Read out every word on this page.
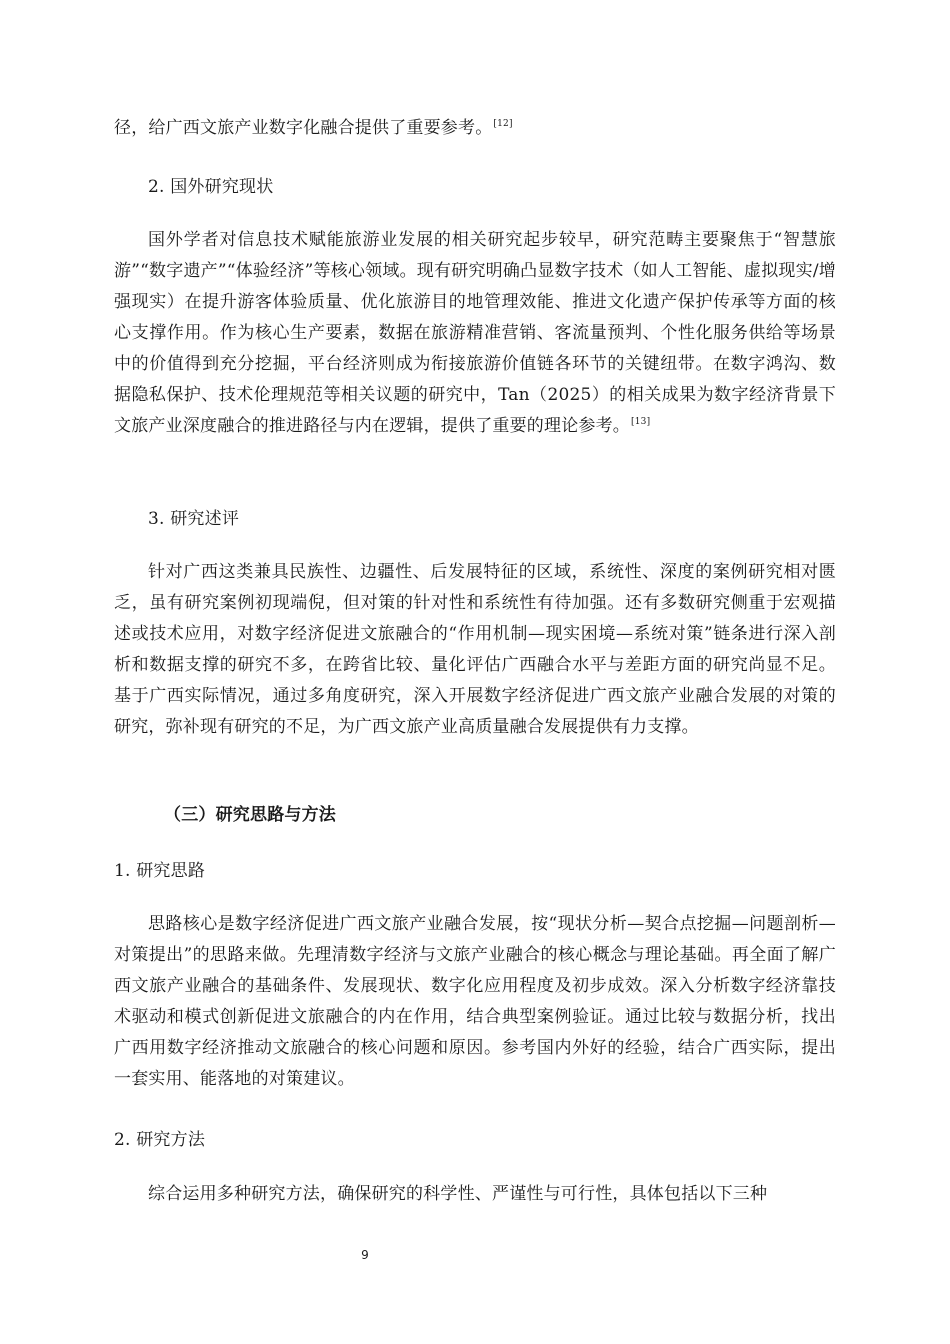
径，给广西文旅产业数字化融合提供了重要参考。[12]

2. 国外研究现状

国外学者对信息技术赋能旅游业发展的相关研究起步较早，研究范畴主要聚焦于“智慧旅游”“数字遗产”“体验经济”等核心领域。现有研究明确凸显数字技术（如人工智能、虚拟现实/增强现实）在提升游客体验质量、优化旅游目的地管理效能、推进文化遗产保护传承等方面的核心支撑作用。作为核心生产要素，数据在旅游精准营销、客流量预判、个性化服务供给等场景中的价值得到充分挖掘，平台经济则成为衔接旅游价值链各环节的关键纽带。在数字鸿沟、数据隐私保护、技术伦理规范等相关议题的研究中，Tan（2025）的相关成果为数字经济背景下文旅产业深度融合的推进路径与内在逻辑，提供了重要的理论参考。[13]

3. 研究述评

针对广西这类兼具民族性、边疆性、后发展特征的区域，系统性、深度的案例研究相对匮乏，虽有研究案例初现端倪，但对策的针对性和系统性有待加强。还有多数研究侧重于宏观描述或技术应用，对数字经济促进文旅融合的“作用机制—现实困境—系统对策”链条进行深入剖析和数据支撑的研究不多，在跨省比较、量化评估广西融合水平与差距方面的研究尚显不足。基于广西实际情况，通过多角度研究，深入开展数字经济促进广西文旅产业融合发展的对策的研究，弥补现有研究的不足，为广西文旅产业高质量融合发展提供有力支撑。

（三）研究思路与方法

1. 研究思路

思路核心是数字经济促进广西文旅产业融合发展，按“现状分析—契合点挖掘—问题剖析—对策提出”的思路来做。先理清数字经济与文旅产业融合的核心概念与理论基础。再全面了解广西文旅产业融合的基础条件、发展现状、数字化应用程度及初步成效。深入分析数字经济靠技术驱动和模式创新促进文旅融合的内在作用，结合典型案例验证。通过比较与数据分析，找出广西用数字经济推动文旅融合的核心问题和原因。参考国内外好的经验，结合广西实际，提出一套实用、能落地的对策建议。

2. 研究方法

综合运用多种研究方法，确保研究的科学性、严谨性与可行性，具体包括以下三种

9
